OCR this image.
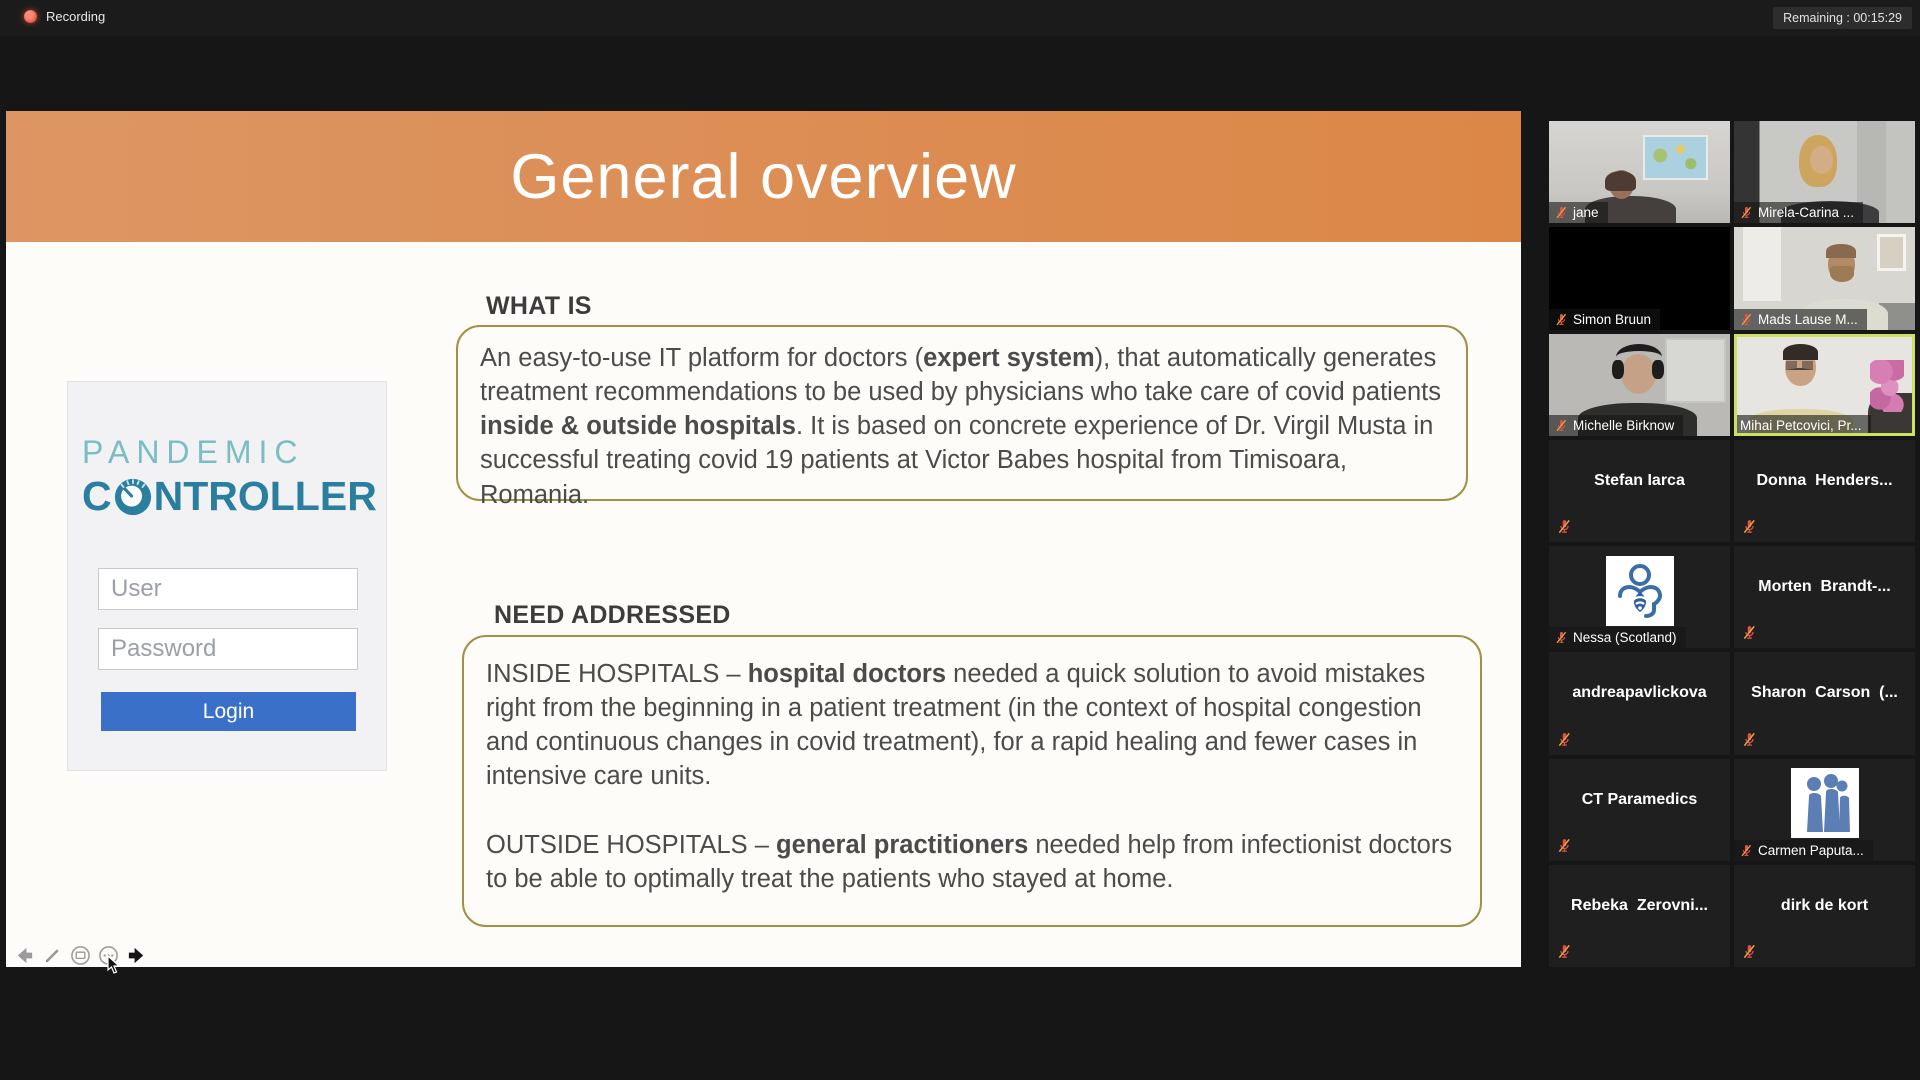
Recording	Remaining : 00:15:29
General overview
PANDEMIC
C NTROLLER
User
Password
Login
WHAT IS
An easy-to-use IT platform for doctors (expert system), that automatically generates treatment recommendations to be used by physicians who take care of covid patients inside & outside hospitals. It is based on concrete experience of Dr. Virgil Musta in successful treating covid 19 patients at Victor Babes hospital from Timisoara, Romania.
NEED ADDRESSED

INSIDE HOSPITALS – hospital doctors needed a quick solution to avoid mistakes right from the beginning in a patient treatment (in the context of hospital congestion and continuous changes in covid treatment), for a rapid healing and fewer cases in intensive care units.

OUTSIDE HOSPITALS – general practitioners needed help from infectionist doctors to be able to optimally treat the patients who stayed at home.

jane	Mirela-Carina ...
Simon Bruun	Mads Lause M...
Michelle Birknow	Mihai Petcovici, Pr...
Stefan Iarca	Donna  Henders...
Nessa (Scotland)
Morten  Brandt-...
andreapavlickova	Sharon  Carson  (...
CT Paramedics
Carmen Paputa...
Rebeka  Zerovni...	dirk de kort
